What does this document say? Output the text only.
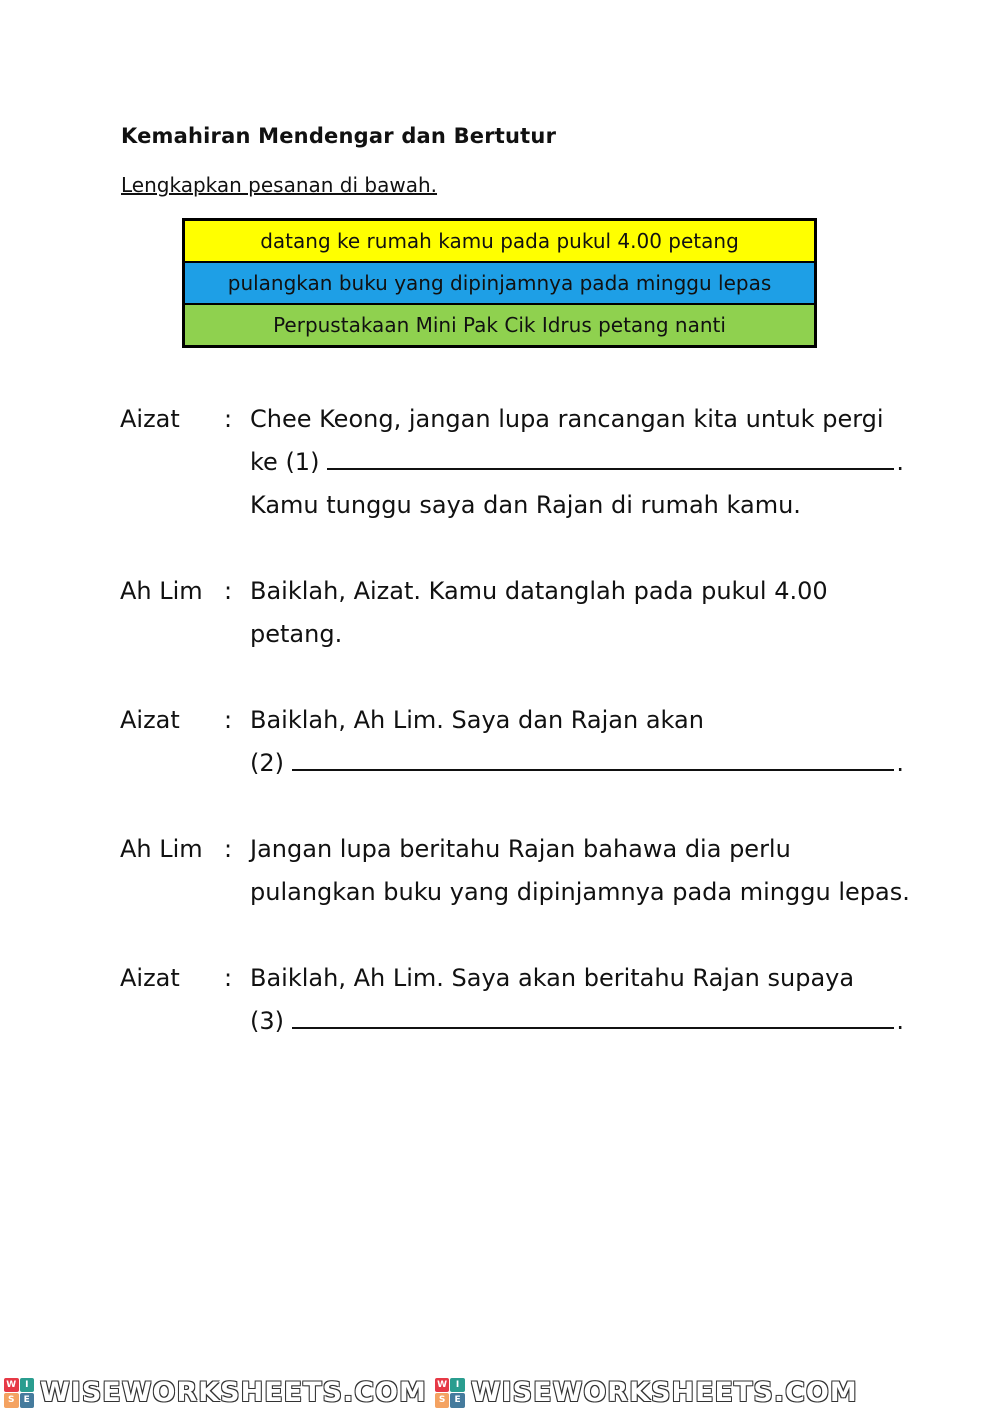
Kemahiran Mendengar dan Bertutur
Lengkapkan pesanan di bawah.
datang ke rumah kamu pada pukul 4.00 petang
pulangkan buku yang dipinjamnya pada minggu lepas
Perpustakaan Mini Pak Cik Idrus petang nanti
Aizat	: Chee Keong, jangan lupa rancangan kita untuk pergi
ke (1)	.
Kamu tunggu saya dan Rajan di rumah kamu.
Ah Lim : Baiklah, Aizat. Kamu datanglah pada pukul 4.00
petang.
Aizat	: Baiklah, Ah Lim. Saya dan Rajan akan
(2)	.
Ah Lim : Jangan lupa beritahu Rajan bahawa dia perlu
pulangkan buku yang dipinjamnya pada minggu lepas.
Aizat	: Baiklah, Ah Lim. Saya akan beritahu Rajan supaya
(3)	.
W I
S	E WISEWORKSHEETS.COM W I
S	E WISEWORKSHEETS.COM
